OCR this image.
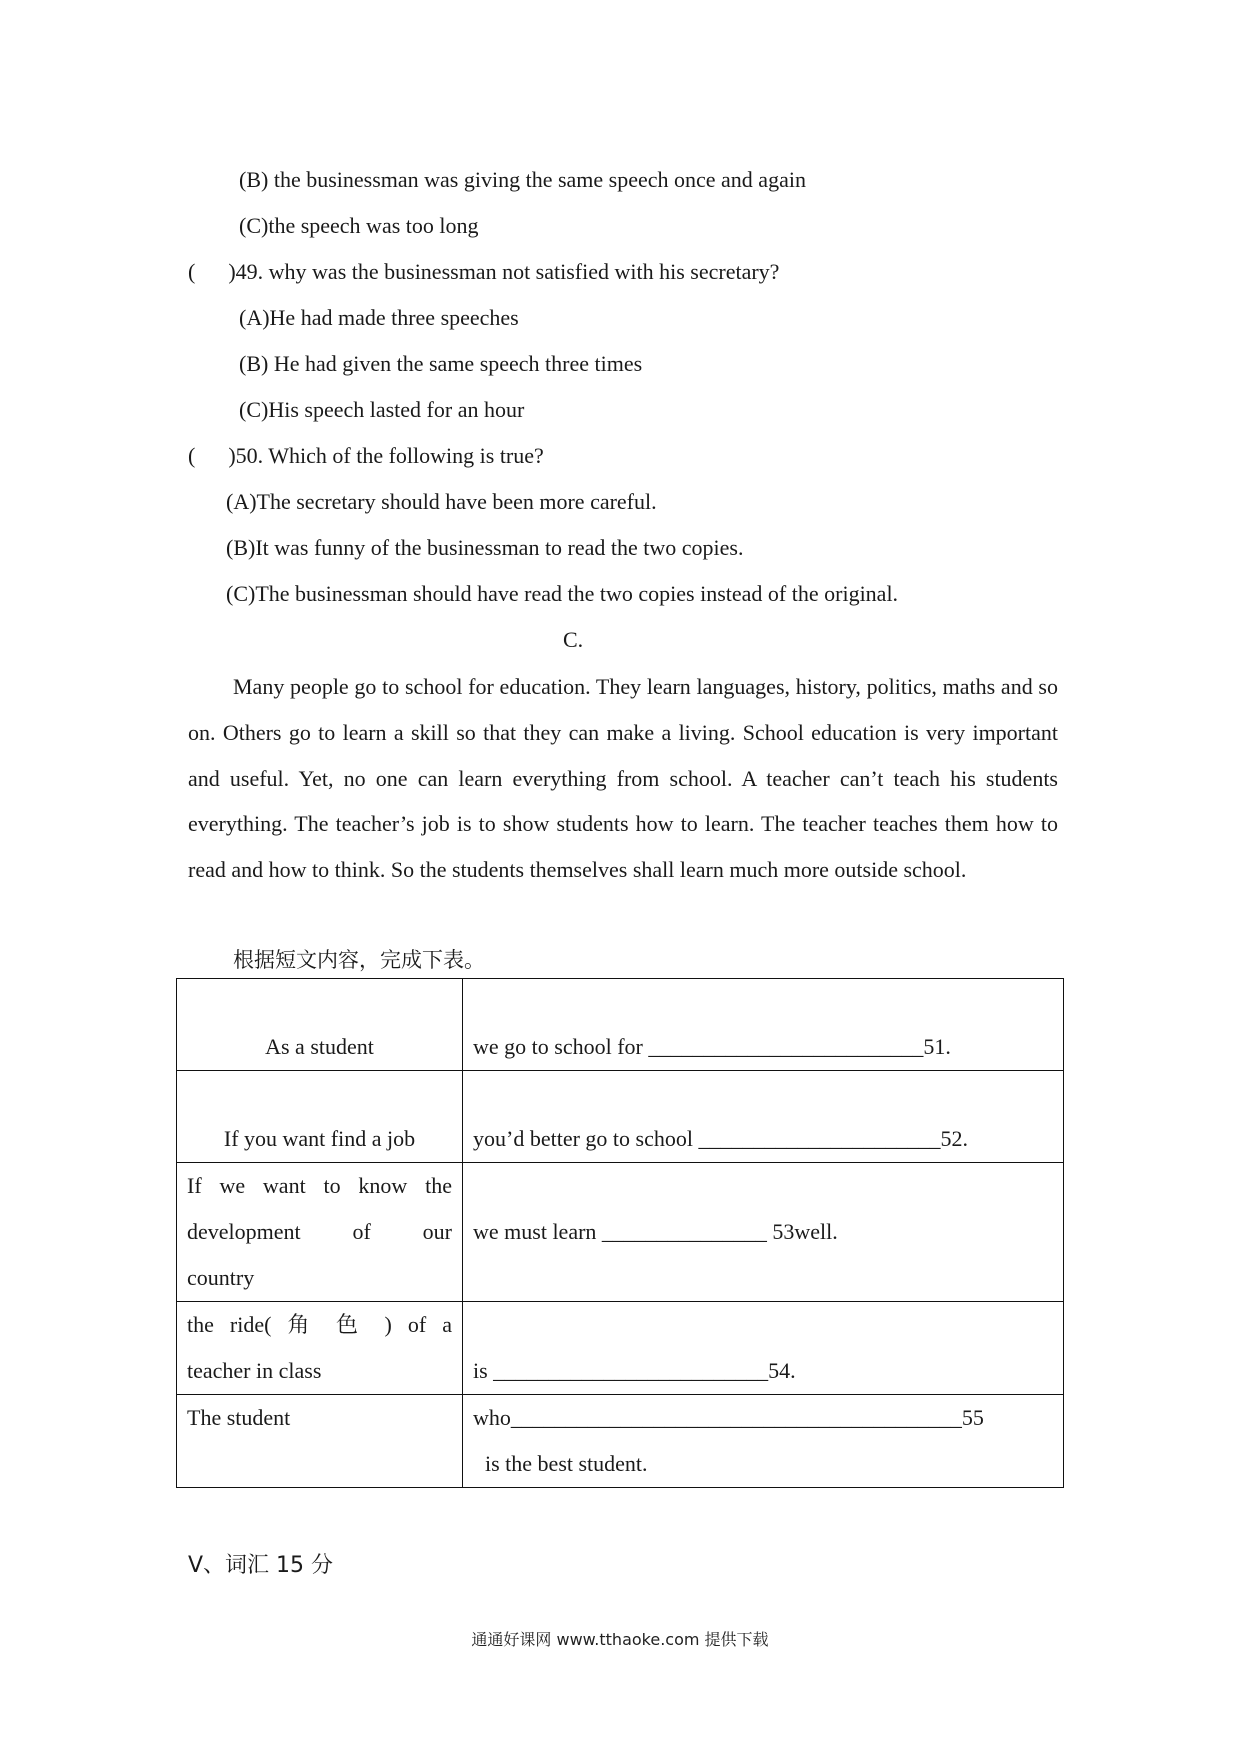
(B) the businessman was giving the same speech once and again
(C)the speech was too long
(      )49. why was the businessman not satisfied with his secretary?
(A)He had made three speeches
(B) He had given the same speech three times
(C)His speech lasted for an hour
(      )50. Which of the following is true?
(A)The secretary should have been more careful.
(B)It was funny of the businessman to read the two copies.
(C)The businessman should have read the two copies instead of the original.
C.
Many people go to school for education. They learn languages, history, politics, maths and so on. Others go to learn a skill so that they can make a living. School education is very important and useful. Yet, no one can learn everything from school. A teacher can’t teach his students everything. The teacher’s job is to show students how to learn. The teacher teaches them how to read and how to think. So the students themselves shall learn much more outside school.
根据短文内容，完成下表。
As a student	we go to school for _________________________51.
If you want find a job	you’d better go to school ______________________52.

If we want to know the
development of our
country	we must learn _______________ 53well.

the ride( 角 色 ) of a
teacher in class	is _________________________54.
The student	who_________________________________________55
is the best student.
Ⅴ、词汇 15 分
通通好课网 www.tthaoke.com 提供下载
